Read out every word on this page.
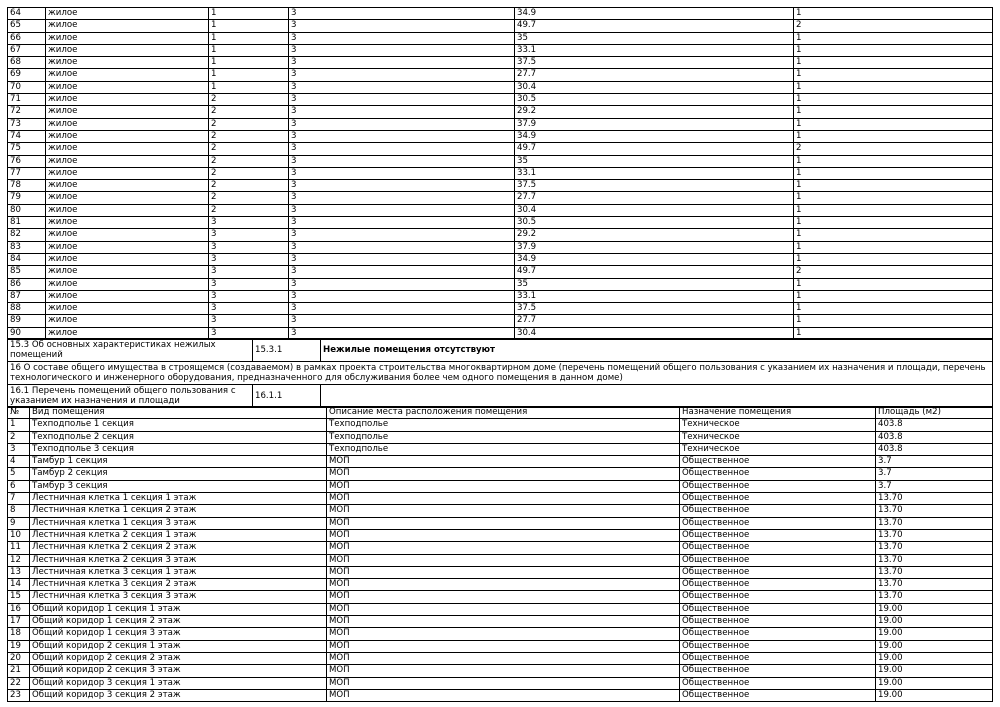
64	жилое	1	3	34.9	1
65	жилое	1	3	49.7	2
66	жилое	1	3	35	1
67	жилое	1	3	33.1	1
68	жилое	1	3	37.5	1
69	жилое	1	3	27.7	1
70	жилое	1	3	30.4	1
71	жилое	2	3	30.5	1
72	жилое	2	3	29.2	1
73	жилое	2	3	37.9	1
74	жилое	2	3	34.9	1
75	жилое	2	3	49.7	2
76	жилое	2	3	35	1
77	жилое	2	3	33.1	1
78	жилое	2	3	37.5	1
79	жилое	2	3	27.7	1
80	жилое	2	3	30.4	1
81	жилое	3	3	30.5	1
82	жилое	3	3	29.2	1
83	жилое	3	3	37.9	1
84	жилое	3	3	34.9	1
85	жилое	3	3	49.7	2
86	жилое	3	3	35	1
87	жилое	3	3	33.1	1
88	жилое	3	3	37.5	1
89	жилое	3	3	27.7	1
90	жилое	3	3	30.4	1
15.3 Об основных характеристиках нежилых помещений	15.3.1	Нежилые помещения отсутствуют
16 О составе общего имущества в строящемся (создаваемом) в рамках проекта строительства многоквартирном доме (перечень помещений общего пользования с указанием их назначения и площади, перечень технологического и инженерного оборудования, предназначенного для обслуживания более чем одного помещения в данном доме)
16.1 Перечень помещений общего пользования с указанием их назначения и площади	16.1.1	
№	Вид помещения	Описание места расположения помещения	Назначение помещения	Площадь (м2)
1	Техподполье 1 секция	Техподполье	Техническое	403.8
2	Техподполье 2 секция	Техподполье	Техническое	403.8
3	Техподполье 3 секция	Техподполье	Техническое	403.8
4	Тамбур 1 секция	МОП	Общественное	3.7
5	Тамбур 2 секция	МОП	Общественное	3.7
6	Тамбур 3 секция	МОП	Общественное	3.7
7	Лестничная клетка 1 секция 1 этаж	МОП	Общественное	13.70
8	Лестничная клетка 1 секция 2 этаж	МОП	Общественное	13.70
9	Лестничная клетка 1 секция 3 этаж	МОП	Общественное	13.70
10	Лестничная клетка 2 секция 1 этаж	МОП	Общественное	13.70
11	Лестничная клетка 2 секция 2 этаж	МОП	Общественное	13.70
12	Лестничная клетка 2 секция 3 этаж	МОП	Общественное	13.70
13	Лестничная клетка 3 секция 1 этаж	МОП	Общественное	13.70
14	Лестничная клетка 3 секция 2 этаж	МОП	Общественное	13.70
15	Лестничная клетка 3 секция 3 этаж	МОП	Общественное	13.70
16	Общий коридор 1 секция 1 этаж	МОП	Общественное	19.00
17	Общий коридор 1 секция 2 этаж	МОП	Общественное	19.00
18	Общий коридор 1 секция 3 этаж	МОП	Общественное	19.00
19	Общий коридор 2 секция 1 этаж	МОП	Общественное	19.00
20	Общий коридор 2 секция 2 этаж	МОП	Общественное	19.00
21	Общий коридор 2 секция 3 этаж	МОП	Общественное	19.00
22	Общий коридор 3 секция 1 этаж	МОП	Общественное	19.00
23	Общий коридор 3 секция 2 этаж	МОП	Общественное	19.00
